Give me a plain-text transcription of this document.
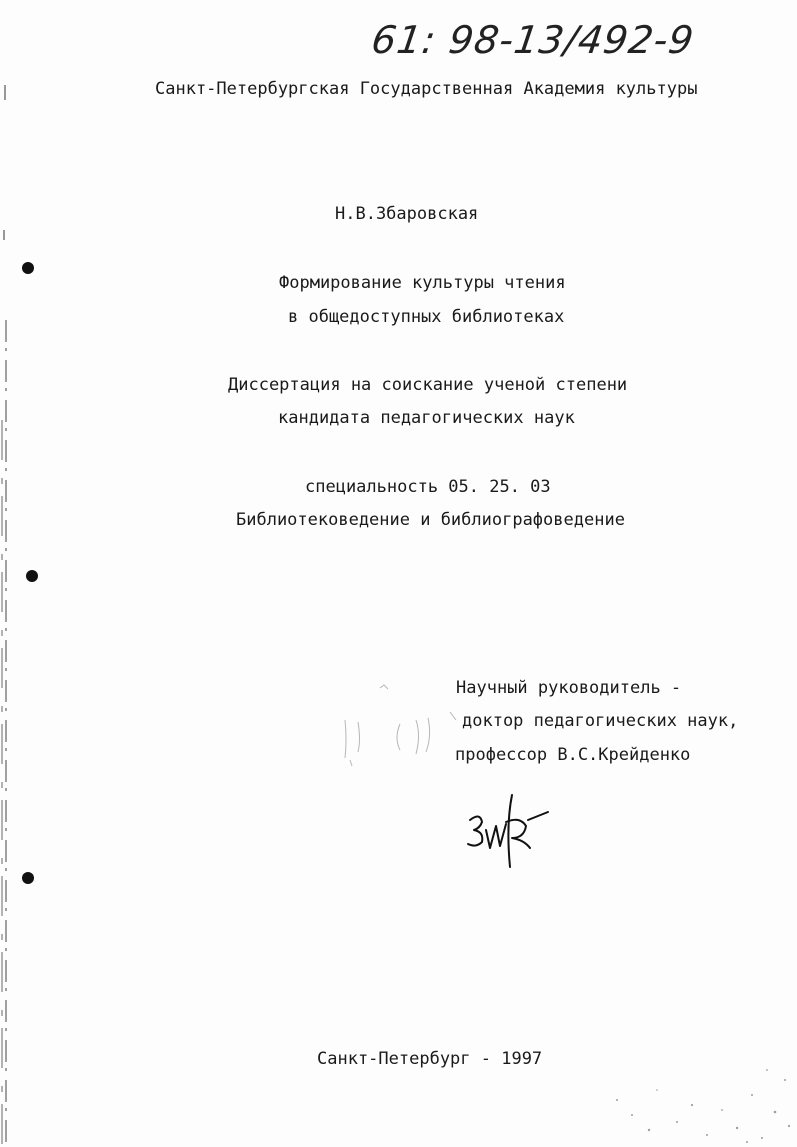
61: 98-13/492-9
Санкт-Петербургская Государственная Академия культуры
Н.В.Збаровская
Формирование культуры чтения
в общедоступных библиотеках
Диссертация на соискание ученой степени
кандидата педагогических наук
специальность 05. 25. 03
Библиотековедение и библиографоведение
Научный руководитель -
доктор педагогических наук,
профессор В.С.Крейденко
Санкт-Петербург - 1997
